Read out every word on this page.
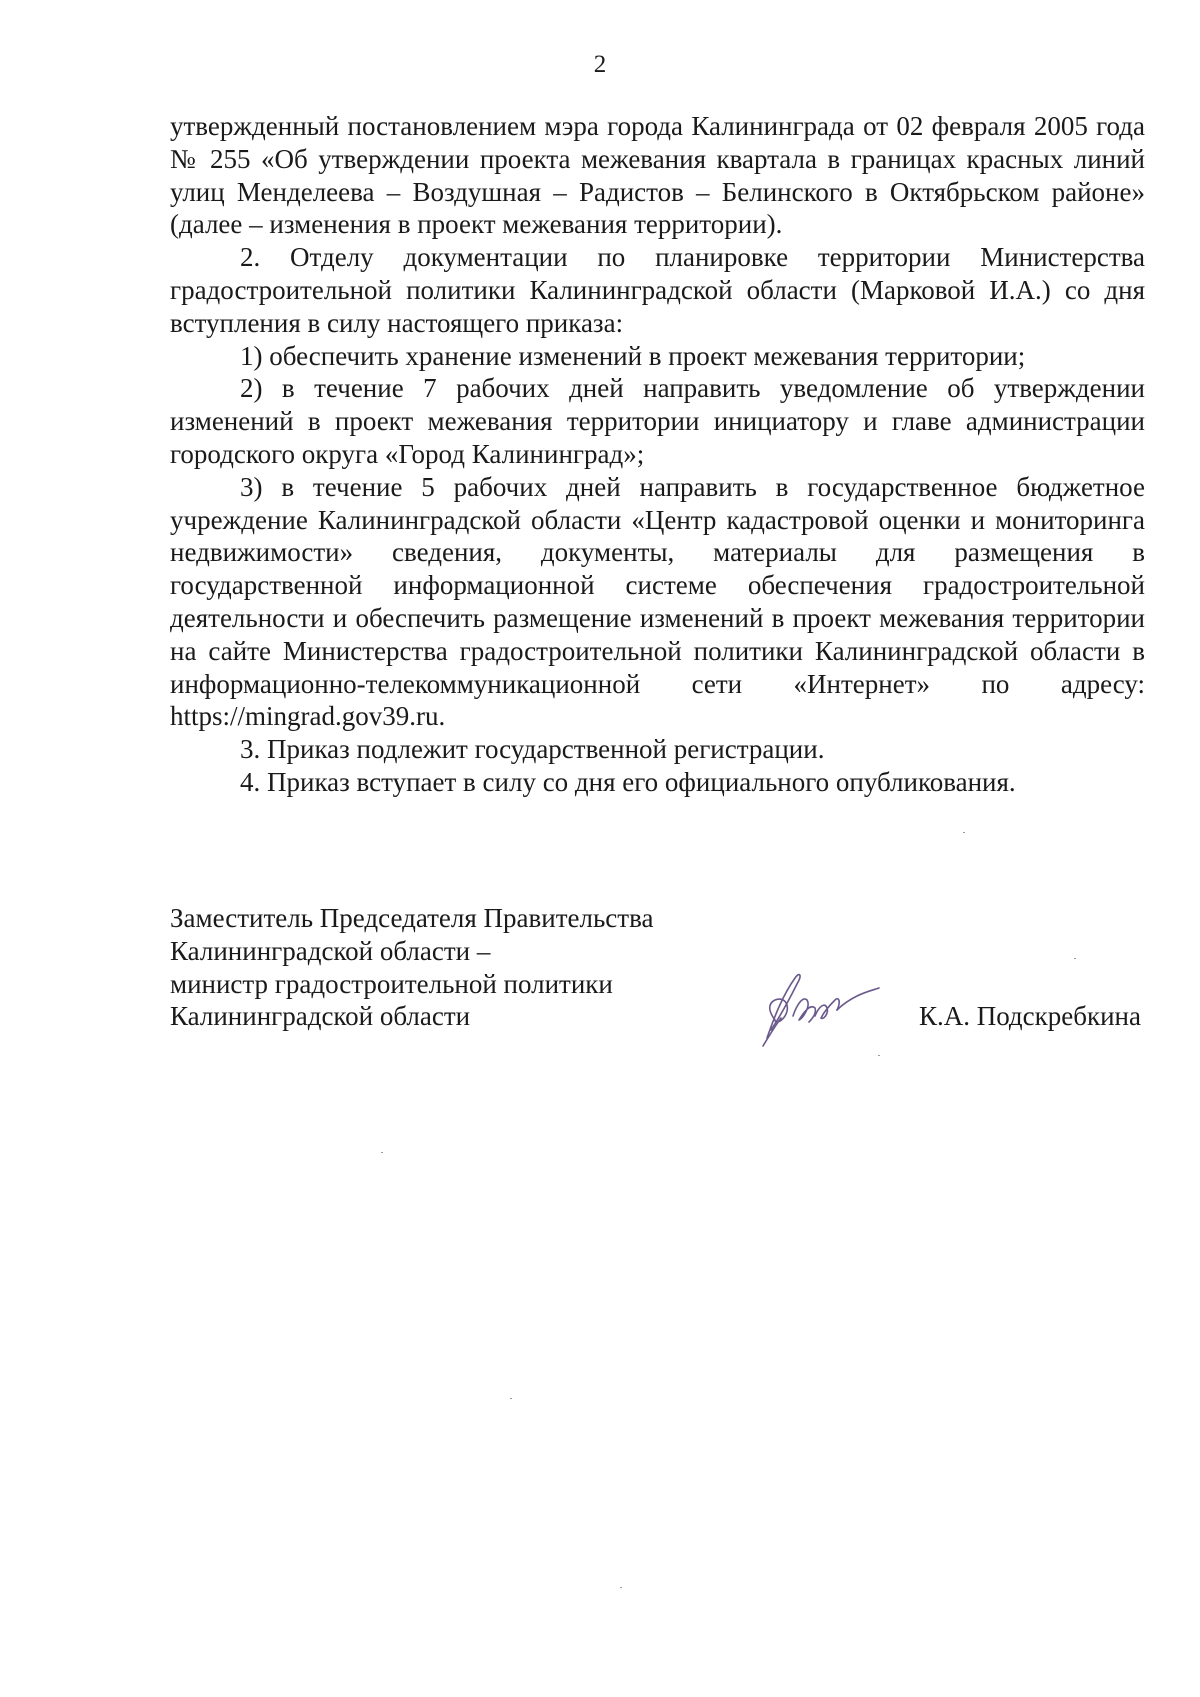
2

утвержденный постановлением мэра города Калининграда от 02 февраля 2005 года № 255 «Об утверждении проекта межевания квартала в границах красных линий улиц Менделеева – Воздушная – Радистов – Белинского в Октябрьском районе» (далее – изменения в проект межевания территории).

2. Отделу документации по планировке территории Министерства градостроительной политики Калининградской области (Марковой И.А.) со дня вступления в силу настоящего приказа:

1) обеспечить хранение изменений в проект межевания территории;

2) в течение 7 рабочих дней направить уведомление об утверждении изменений в проект межевания территории инициатору и главе администрации городского округа «Город Калининград»;

3) в течение 5 рабочих дней направить в государственное бюджетное учреждение Калининградской области «Центр кадастровой оценки и мониторинга недвижимости» сведения, документы, материалы для размещения в государственной информационной системе обеспечения градостроительной деятельности и обеспечить размещение изменений в проект межевания территории на сайте Министерства градостроительной политики Калининградской области в информационно-телекоммуникационной сети «Интернет» по адресу: https://mingrad.gov39.ru.

3. Приказ подлежит государственной регистрации.

4. Приказ вступает в силу со дня его официального опубликования.

Заместитель Председателя Правительства
Калининградской области –
министр градостроительной политики
Калининградской области	К.А. Подскребкина
